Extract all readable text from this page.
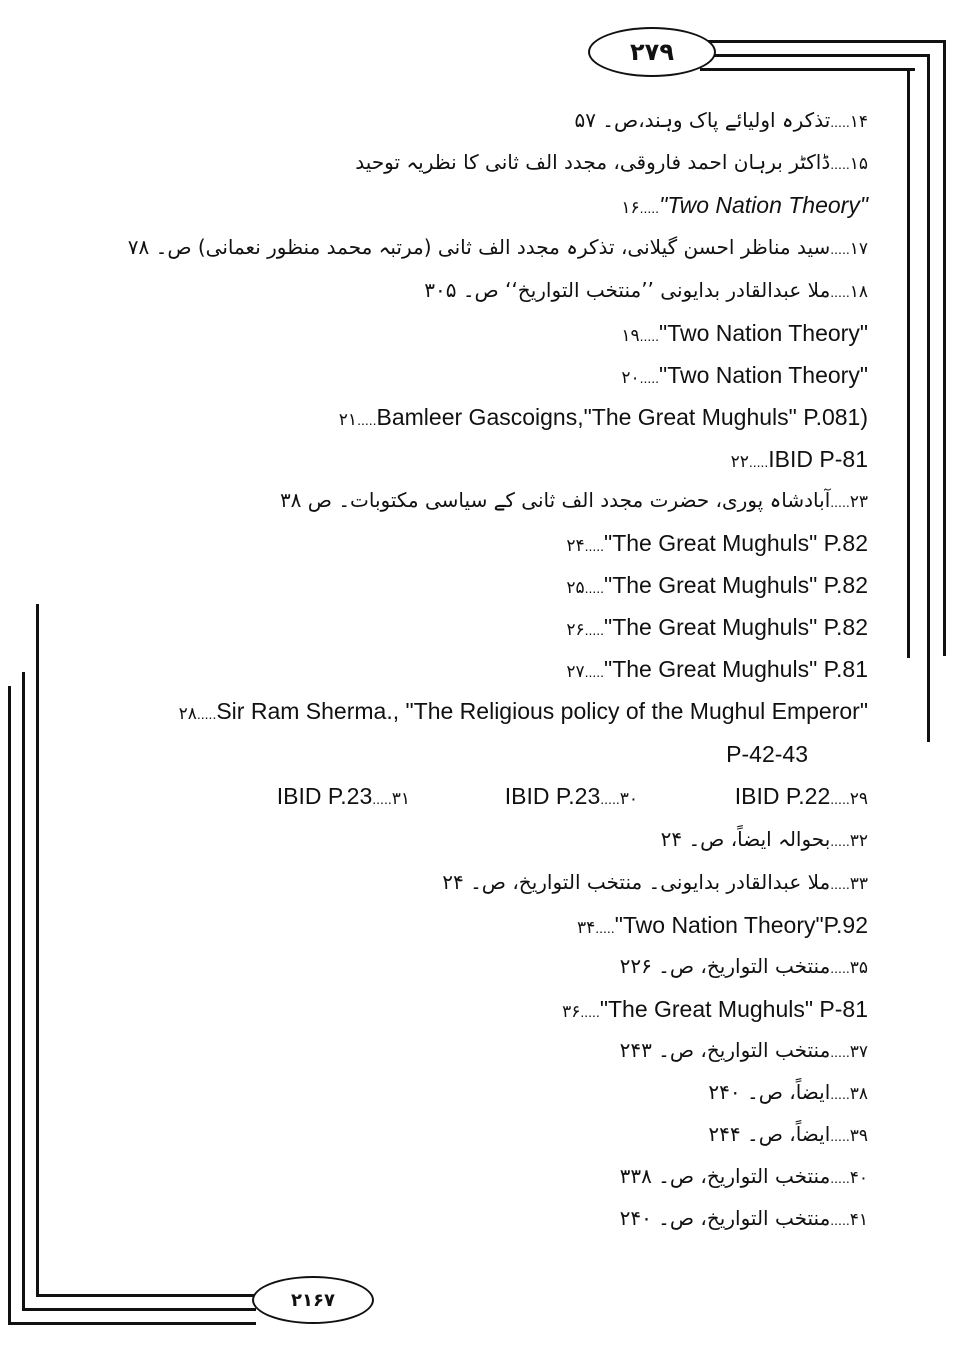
۲۷۹
۲۱۶۷
۱۴.....تذکرہ اولیائے پاک وہند،ص۔ ۵۷
۱۵.....ڈاکٹر برہان احمد فاروقی، مجدد الف ثانی کا نظریہ توحید
۱۶....."Two Nation Theory"
۱۷.....سید مناظر احسن گیلانی، تذکرہ مجدد الف ثانی (مرتبہ محمد منظور نعمانی) ص۔ ۷۸
۱۸.....ملا عبدالقادر بدایونی ’’منتخب التواریخ‘‘ ص۔ ۳۰۵
۱۹....."Two Nation Theory"
۲۰....."Two Nation Theory"
۲۱.....Bamleer Gascoigns,"The Great Mughuls" P.081)
۲۲.....IBID P-81
۲۳.....آبادشاہ پوری، حضرت مجدد الف ثانی کے سیاسی مکتوبات۔ ص ۳۸
۲۴....."The Great Mughuls" P.82
۲۵....."The Great Mughuls" P.82
۲۶....."The Great Mughuls" P.82
۲۷....."The Great Mughuls" P.81
۲۸.....Sir Ram Sherma., "The Religious policy of the Mughul Emperor"
P-42-43
۳۲.....بحوالہ ایضاً، ص۔ ۲۴
۳۳.....ملا عبدالقادر بدایونی۔ منتخب التواریخ، ص۔ ۲۴
۳۴....."Two Nation Theory"P.92
۳۵.....منتخب التواریخ، ص۔ ۲۲۶
۳۶....."The Great Mughuls" P-81
۳۷.....منتخب التواریخ، ص۔ ۲۴۳
۳۸.....ایضاً، ص۔ ۲۴۰
۳۹.....ایضاً، ص۔ ۲۴۴
۴۰.....منتخب التواریخ، ص۔ ۳۳۸
۴۱.....منتخب التواریخ، ص۔ ۲۴۰
۲۹.....IBID P.22
۳۰.....IBID P.23
۳۱.....IBID P.23
